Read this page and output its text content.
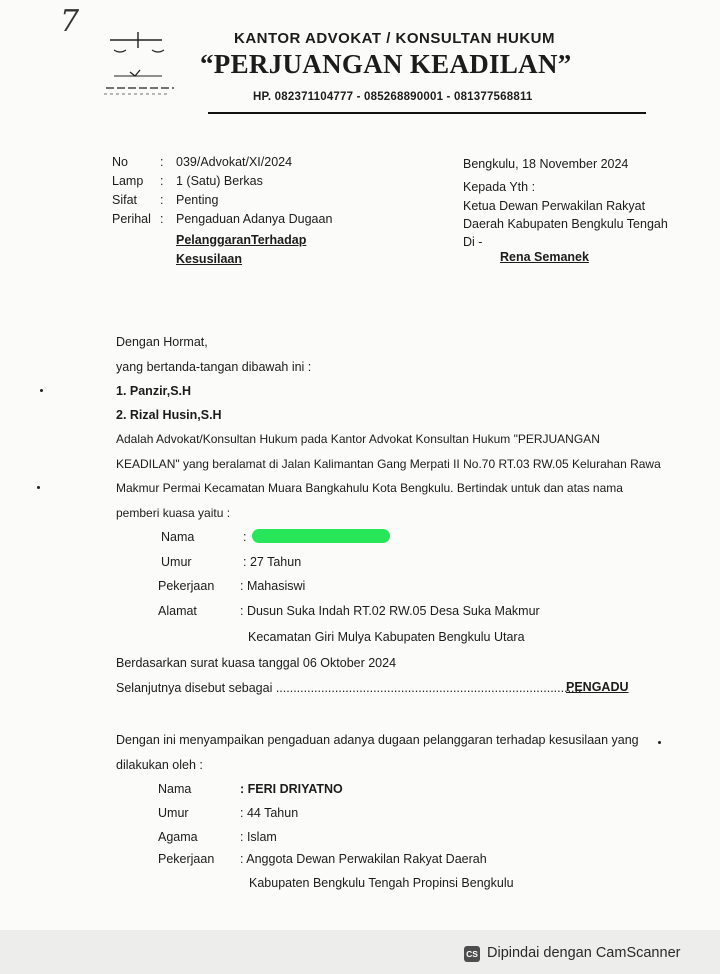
7	KANTOR ADVOKAT / KONSULTAN HUKUM
“PERJUANGAN KEADILAN”
HP. 082371104777 - 085268890001 - 081377568811
No	: 039/Advokat/XI/2024
Lamp : 1 (Satu) Berkas
Sifat : Penting
Perihal : Pengaduan Adanya Dugaan
PelanggaranTerhadap
Kesusilaan
Bengkulu, 18 November 2024
Kepada Yth :
Ketua Dewan Perwakilan Rakyat
Daerah Kabupaten Bengkulu Tengah
Di -
Rena Semanek
Dengan Hormat,
yang bertanda-tangan dibawah ini :
1. Panzir,S.H
2. Rizal Husin,S.H
Adalah Advokat/Konsultan Hukum pada Kantor Advokat Konsultan Hukum "PERJUANGAN
KEADILAN" yang beralamat di Jalan Kalimantan Gang Merpati II No.70 RT.03 RW.05 Kelurahan Rawa
Makmur Permai Kecamatan Muara Bangkahulu Kota Bengkulu. Bertindak untuk dan atas nama
pemberi kuasa yaitu :
Nama	:
Umur	: 27 Tahun
Pekerjaan : Mahasiswi
Alamat	: Dusun Suka Indah RT.02 RW.05 Desa Suka Makmur
Kecamatan Giri Mulya Kabupaten Bengkulu Utara
Berdasarkan surat kuasa tanggal 06 Oktober 2024
Selanjutnya disebut sebagai ........................................................................................
PENGADU
Dengan ini menyampaikan pengaduan adanya dugaan pelanggaran terhadap kesusilaan yang
dilakukan oleh :
Nama	: FERI DRIYATNO
Umur	: 44 Tahun
Agama	: Islam
Pekerjaan : Anggota Dewan Perwakilan Rakyat Daerah
Kabupaten Bengkulu Tengah Propinsi Bengkulu
CS Dipindai dengan CamScanner
